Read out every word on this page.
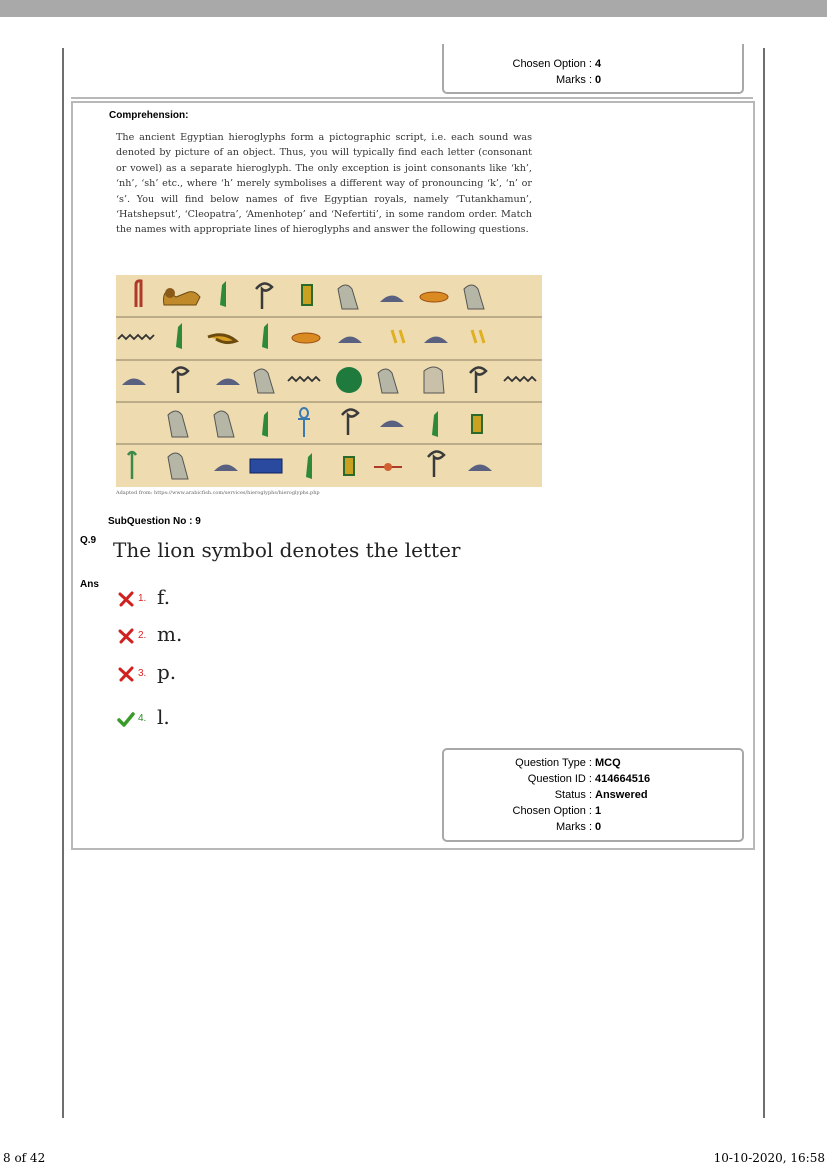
Chosen Option : 4
Marks : 0
Comprehension:
The ancient Egyptian hieroglyphs form a pictographic script, i.e. each sound was denoted by picture of an object. Thus, you will typically find each letter (consonant or vowel) as a separate hieroglyph. The only exception is joint consonants like ‘kh’, ‘nh’, ‘sh’ etc., where ‘h’ merely symbolises a different way of pronouncing ‘k’, ‘n’ or ‘s’. You will find below names of five Egyptian royals, namely ‘Tutankhamun’, ‘Hatshepsut’, ‘Cleopatra’, ‘Amenhotep’ and ‘Nefertiti’, in some random order. Match the names with appropriate lines of hieroglyphs and answer the following questions.
Adapted from: https://www.arabicfish.com/services/hieroglyphs/hieroglyphs.php
SubQuestion No : 9
Q.9 The lion symbol denotes the letter
Ans
1. f.
2. m.
3. p.
4. l.
Question Type : MCQ
Question ID : 414664516
Status : Answered
Chosen Option : 1
Marks : 0
8 of 42	10-10-2020, 16:58
